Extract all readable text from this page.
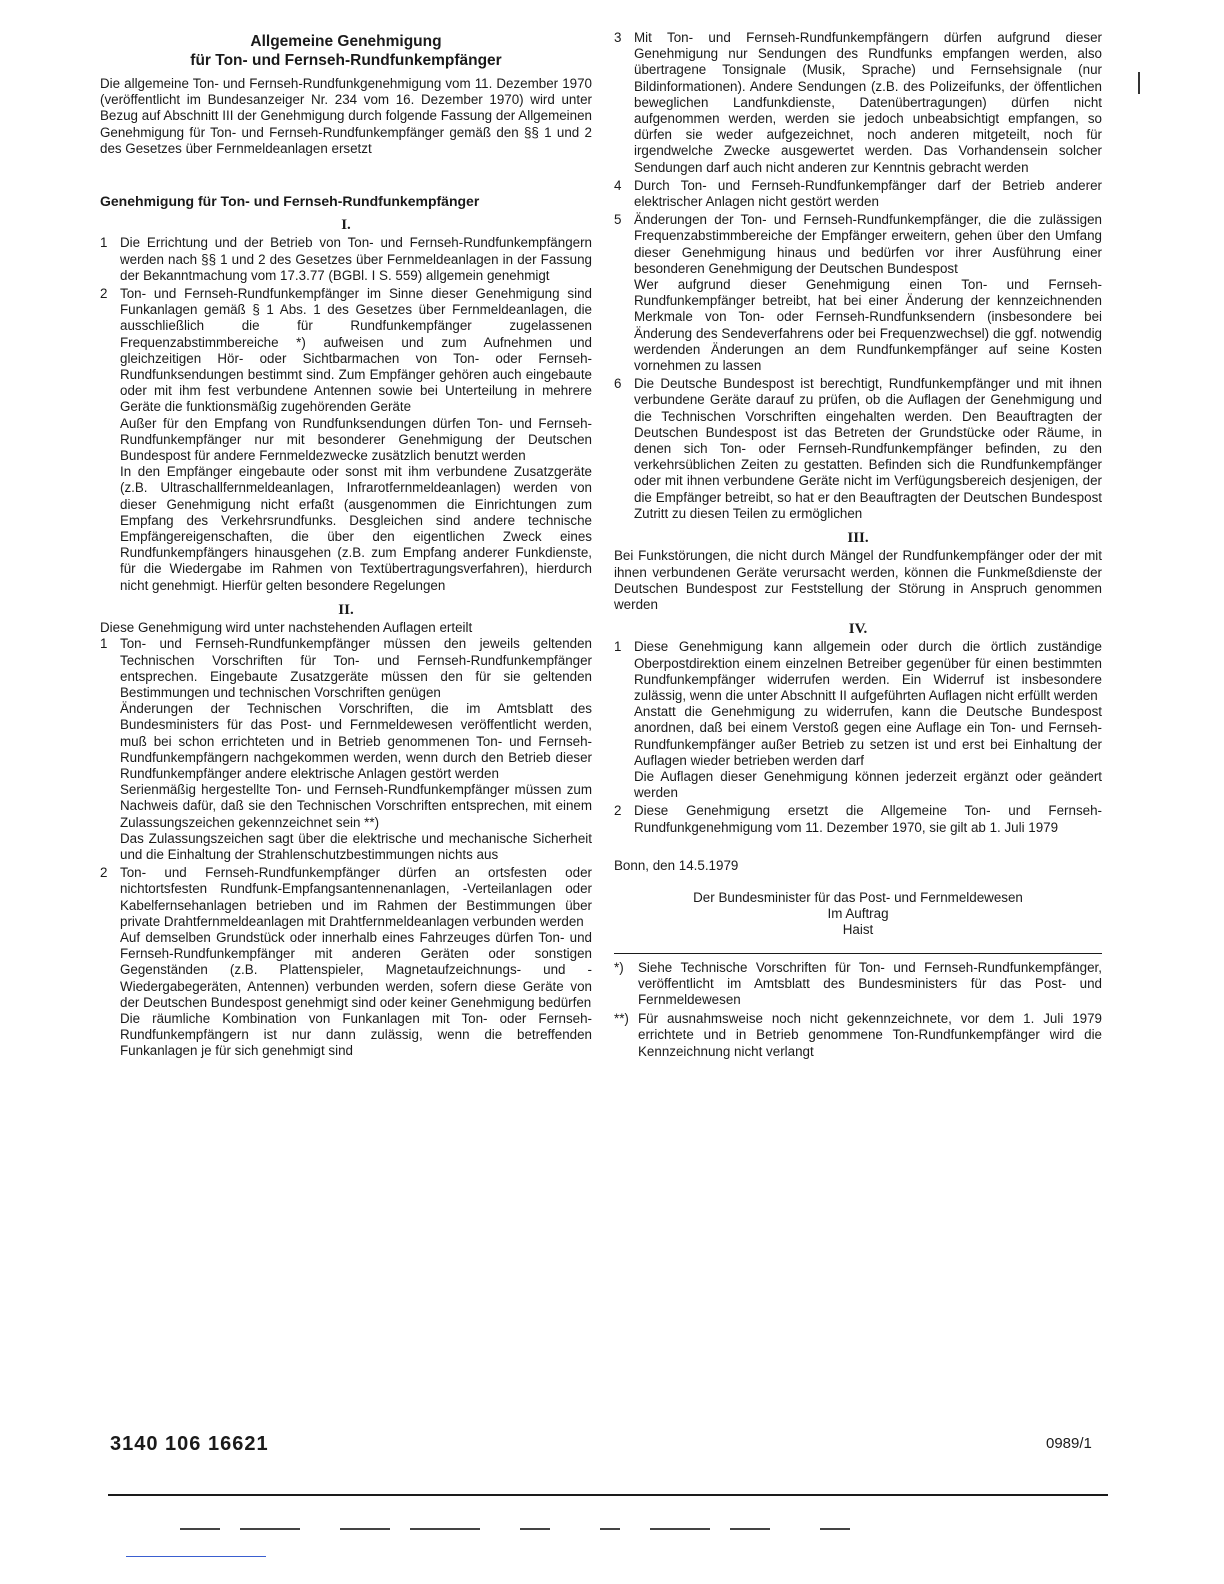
Allgemeine Genehmigung
für Ton- und Fernseh-Rundfunkempfänger

Die allgemeine Ton- und Fernseh-Rundfunkgenehmigung vom 11. Dezember 1970 (veröffentlicht im Bundesanzeiger Nr. 234 vom 16. Dezember 1970) wird unter Bezug auf Abschnitt III der Genehmigung durch folgende Fassung der Allgemeinen Genehmigung für Ton- und Fernseh-Rundfunkempfänger gemäß den §§ 1 und 2 des Gesetzes über Fernmeldeanlagen ersetzt

Genehmigung für Ton- und Fernseh-Rundfunkempfänger
I.
1 Die Errichtung und der Betrieb von Ton- und Fernseh-Rundfunkempfängern werden nach §§ 1 und 2 des Gesetzes über Fernmeldeanlagen in der Fassung der Bekanntmachung vom 17.3.77 (BGBl. I S. 559) allgemein genehmigt

2 Ton- und Fernseh-Rundfunkempfänger im Sinne dieser Genehmigung sind Funkanlagen gemäß § 1 Abs. 1 des Gesetzes über Fernmeldeanlagen, die ausschließlich die für Rundfunkempfänger zugelassenen Frequenzabstimmbereiche *) aufweisen und zum Aufnehmen und gleichzeitigen Hör- oder Sichtbarmachen von Ton- oder Fernseh-Rundfunksendungen bestimmt sind. Zum Empfänger gehören auch eingebaute oder mit ihm fest verbundene Antennen sowie bei Unterteilung in mehrere Geräte die funktionsmäßig zugehörenden Geräte

Außer für den Empfang von Rundfunksendungen dürfen Ton- und Fernseh-Rundfunkempfänger nur mit besonderer Genehmigung der Deutschen Bundespost für andere Fernmeldezwecke zusätzlich benutzt werden

In den Empfänger eingebaute oder sonst mit ihm verbundene Zusatzgeräte (z.B. Ultraschallfernmeldeanlagen, Infrarotfernmeldeanlagen) werden von dieser Genehmigung nicht erfaßt (ausgenommen die Einrichtungen zum Empfang des Verkehrsrundfunks. Desgleichen sind andere technische Empfängereigenschaften, die über den eigentlichen Zweck eines Rundfunkempfängers hinausgehen (z.B. zum Empfang anderer Funkdienste, für die Wiedergabe im Rahmen von Textübertragungsverfahren), hierdurch nicht genehmigt. Hierfür gelten besondere Regelungen

II.

Diese Genehmigung wird unter nachstehenden Auflagen erteilt

1 Ton- und Fernseh-Rundfunkempfänger müssen den jeweils geltenden Technischen Vorschriften für Ton- und Fernseh-Rundfunkempfänger entsprechen. Eingebaute Zusatzgeräte müssen den für sie geltenden Bestimmungen und technischen Vorschriften genügen

Änderungen der Technischen Vorschriften, die im Amtsblatt des Bundesministers für das Post- und Fernmeldewesen veröffentlicht werden, muß bei schon errichteten und in Betrieb genommenen Ton- und Fernseh-Rundfunkempfängern nachgekommen werden, wenn durch den Betrieb dieser Rundfunkempfänger andere elektrische Anlagen gestört werden

Serienmäßig hergestellte Ton- und Fernseh-Rundfunkempfänger müssen zum Nachweis dafür, daß sie den Technischen Vorschriften entsprechen, mit einem Zulassungszeichen gekennzeichnet sein **)

Das Zulassungszeichen sagt über die elektrische und mechanische Sicherheit und die Einhaltung der Strahlenschutzbestimmungen nichts aus

2 Ton- und Fernseh-Rundfunkempfänger dürfen an ortsfesten oder nichtortsfesten Rundfunk-Empfangsantennenanlagen, -Verteilanlagen oder Kabelfernsehanlagen betrieben und im Rahmen der Bestimmungen über private Drahtfernmeldeanlagen mit Drahtfernmeldeanlagen verbunden werden

Auf demselben Grundstück oder innerhalb eines Fahrzeuges dürfen Ton- und Fernseh-Rundfunkempfänger mit anderen Geräten oder sonstigen Gegenständen (z.B. Plattenspieler, Magnetaufzeichnungs- und -Wiedergabegeräten, Antennen) verbunden werden, sofern diese Geräte von der Deutschen Bundespost genehmigt sind oder keiner Genehmigung bedürfen

Die räumliche Kombination von Funkanlagen mit Ton- oder Fernseh-Rundfunkempfängern ist nur dann zulässig, wenn die betreffenden Funkanlagen je für sich genehmigt sind

3 Mit Ton- und Fernseh-Rundfunkempfängern dürfen aufgrund dieser Genehmigung nur Sendungen des Rundfunks empfangen werden, also übertragene Tonsignale (Musik, Sprache) und Fernsehsignale (nur Bildinformationen). Andere Sendungen (z.B. des Polizeifunks, der öffentlichen beweglichen Landfunkdienste, Datenübertragungen) dürfen nicht aufgenommen werden, werden sie jedoch unbeabsichtigt empfangen, so dürfen sie weder aufgezeichnet, noch anderen mitgeteilt, noch für irgendwelche Zwecke ausgewertet werden. Das Vorhandensein solcher Sendungen darf auch nicht anderen zur Kenntnis gebracht werden

4 Durch Ton- und Fernseh-Rundfunkempfänger darf der Betrieb anderer elektrischer Anlagen nicht gestört werden

5 Änderungen der Ton- und Fernseh-Rundfunkempfänger, die die zulässigen Frequenzabstimmbereiche der Empfänger erweitern, gehen über den Umfang dieser Genehmigung hinaus und bedürfen vor ihrer Ausführung einer besonderen Genehmigung der Deutschen Bundespost

Wer aufgrund dieser Genehmigung einen Ton- und Fernseh-Rundfunkempfänger betreibt, hat bei einer Änderung der kennzeichnenden Merkmale von Ton- oder Fernseh-Rundfunksendern (insbesondere bei Änderung des Sendeverfahrens oder bei Frequenzwechsel) die ggf. notwendig werdenden Änderungen an dem Rundfunkempfänger auf seine Kosten vornehmen zu lassen

6 Die Deutsche Bundespost ist berechtigt, Rundfunkempfänger und mit ihnen verbundene Geräte darauf zu prüfen, ob die Auflagen der Genehmigung und die Technischen Vorschriften eingehalten werden. Den Beauftragten der Deutschen Bundespost ist das Betreten der Grundstücke oder Räume, in denen sich Ton- oder Fernseh-Rundfunkempfänger befinden, zu den verkehrsüblichen Zeiten zu gestatten. Befinden sich die Rundfunkempfänger oder mit ihnen verbundene Geräte nicht im Verfügungsbereich desjenigen, der die Empfänger betreibt, so hat er den Beauftragten der Deutschen Bundespost Zutritt zu diesen Teilen zu ermöglichen

III.

Bei Funkstörungen, die nicht durch Mängel der Rundfunkempfänger oder der mit ihnen verbundenen Geräte verursacht werden, können die Funkmeßdienste der Deutschen Bundespost zur Feststellung der Störung in Anspruch genommen werden

IV.
1 Diese Genehmigung kann allgemein oder durch die örtlich zuständige Oberpostdirektion einem einzelnen Betreiber gegenüber für einen bestimmten Rundfunkempfänger widerrufen werden. Ein Widerruf ist insbesondere zulässig, wenn die unter Abschnitt II aufgeführten Auflagen nicht erfüllt werden

Anstatt die Genehmigung zu widerrufen, kann die Deutsche Bundespost anordnen, daß bei einem Verstoß gegen eine Auflage ein Ton- und Fernseh-Rundfunkempfänger außer Betrieb zu setzen ist und erst bei Einhaltung der Auflagen wieder betrieben werden darf

Die Auflagen dieser Genehmigung können jederzeit ergänzt oder geändert werden

2 Diese Genehmigung ersetzt die Allgemeine Ton- und Fernseh-Rundfunkgenehmigung vom 11. Dezember 1970, sie gilt ab 1. Juli 1979

Bonn, den 14.5.1979

Der Bundesminister für das Post- und Fernmeldewesen

Im Auftrag

Haist

*)	Siehe Technische Vorschriften für Ton- und Fernseh-Rundfunkempfänger, veröffentlicht im Amtsblatt des Bundesministers für das Post- und Fernmeldewesen
**) Für ausnahmsweise noch nicht gekennzeichnete, vor dem 1. Juli 1979 errichtete und in Betrieb genommene Ton-Rundfunkempfänger wird die Kennzeichnung nicht verlangt
3140 106 16621	0989/1
